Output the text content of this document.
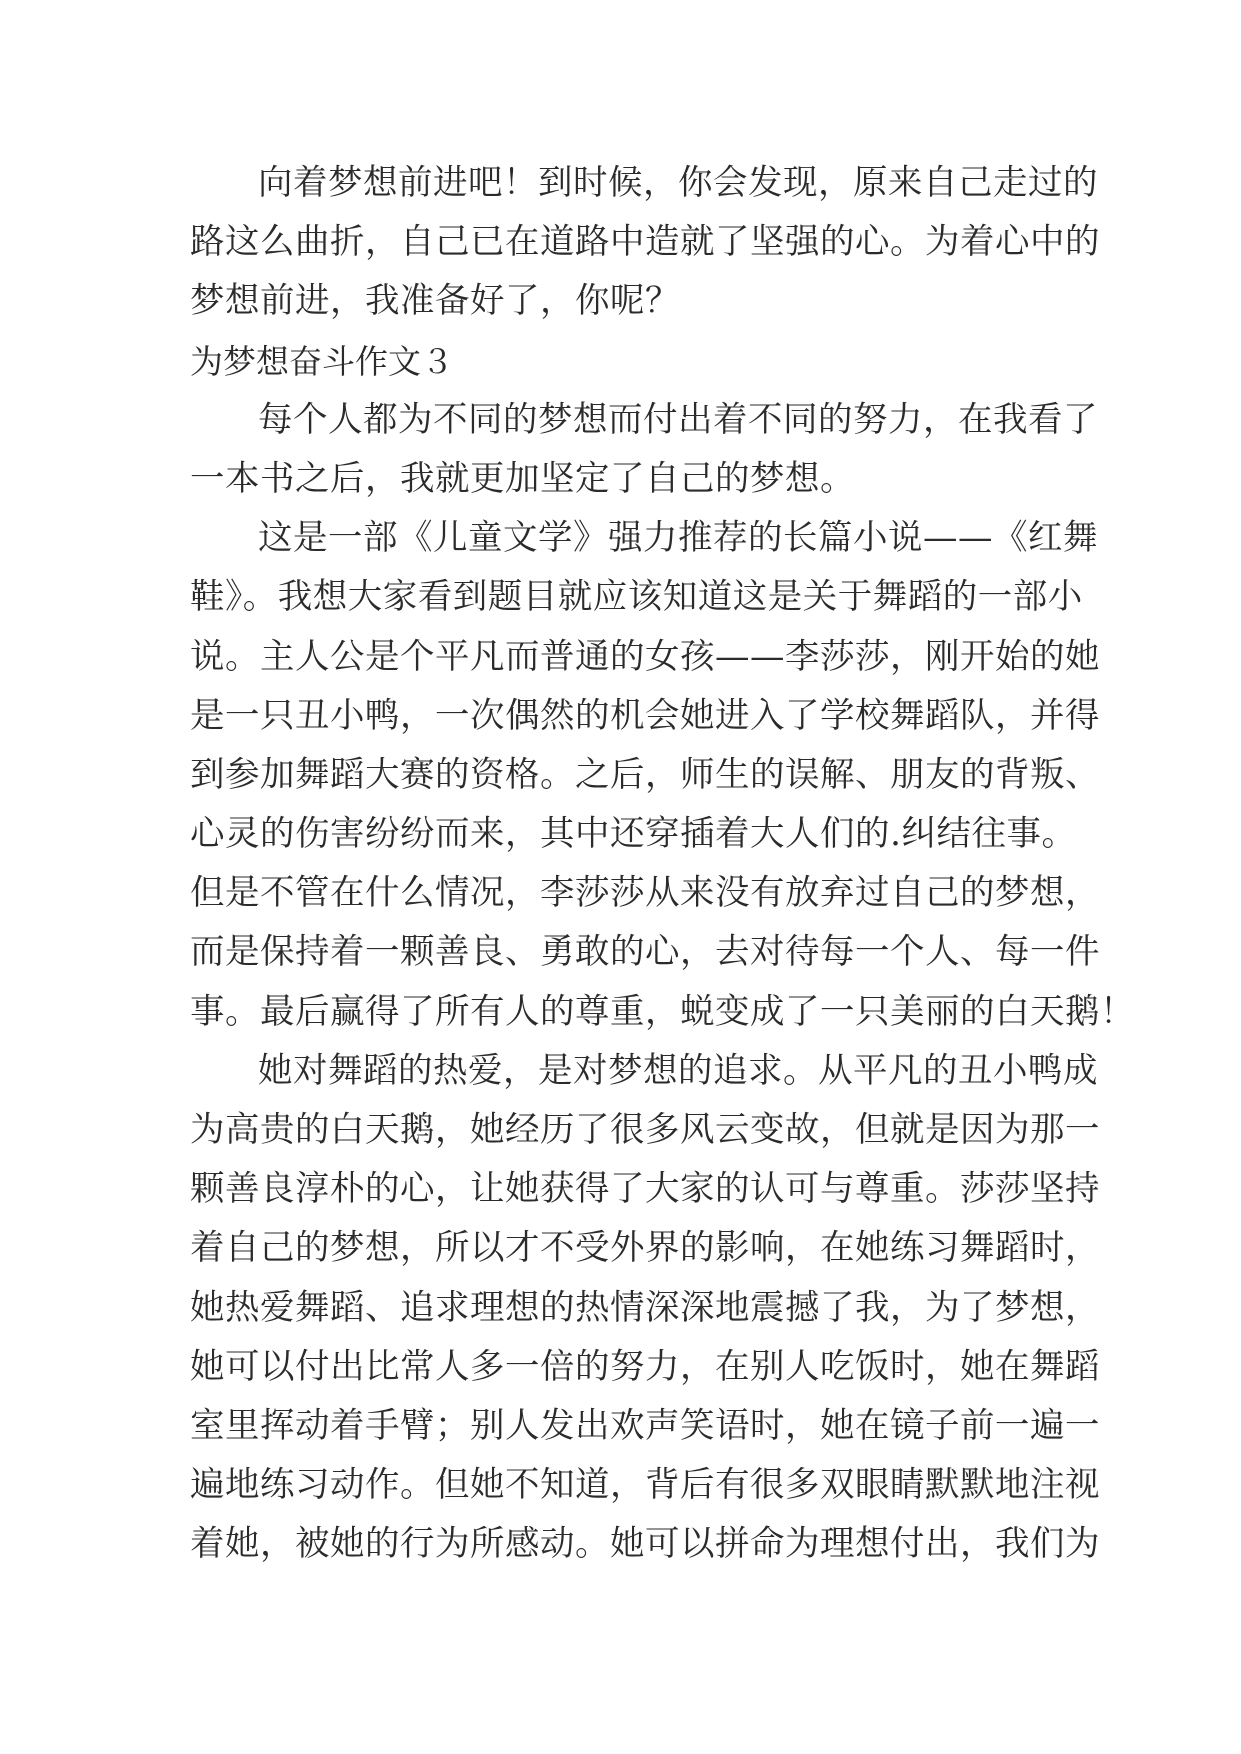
向着梦想前进吧！到时候，你会发现，原来自己走过的
路这么曲折，自己已在道路中造就了坚强的心。为着心中的
梦想前进，我准备好了，你呢？
为梦想奋斗作文３
每个人都为不同的梦想而付出着不同的努力，在我看了
一本书之后，我就更加坚定了自己的梦想。
这是一部《儿童文学》强力推荐的长篇小说——《红舞
鞋》。我想大家看到题目就应该知道这是关于舞蹈的一部小
说。主人公是个平凡而普通的女孩——李莎莎，刚开始的她
是一只丑小鸭，一次偶然的机会她进入了学校舞蹈队，并得
到参加舞蹈大赛的资格。之后，师生的误解、朋友的背叛、
心灵的伤害纷纷而来，其中还穿插着大人们的.纠结往事。
但是不管在什么情况，李莎莎从来没有放弃过自己的梦想，
而是保持着一颗善良、勇敢的心，去对待每一个人、每一件
事。最后赢得了所有人的尊重，蜕变成了一只美丽的白天鹅！
她对舞蹈的热爱，是对梦想的追求。从平凡的丑小鸭成
为高贵的白天鹅，她经历了很多风云变故，但就是因为那一
颗善良淳朴的心，让她获得了大家的认可与尊重。莎莎坚持
着自己的梦想，所以才不受外界的影响，在她练习舞蹈时，
她热爱舞蹈、追求理想的热情深深地震撼了我，为了梦想，
她可以付出比常人多一倍的努力，在别人吃饭时，她在舞蹈
室里挥动着手臂；别人发出欢声笑语时，她在镜子前一遍一
遍地练习动作。但她不知道，背后有很多双眼睛默默地注视
着她，被她的行为所感动。她可以拼命为理想付出，我们为
